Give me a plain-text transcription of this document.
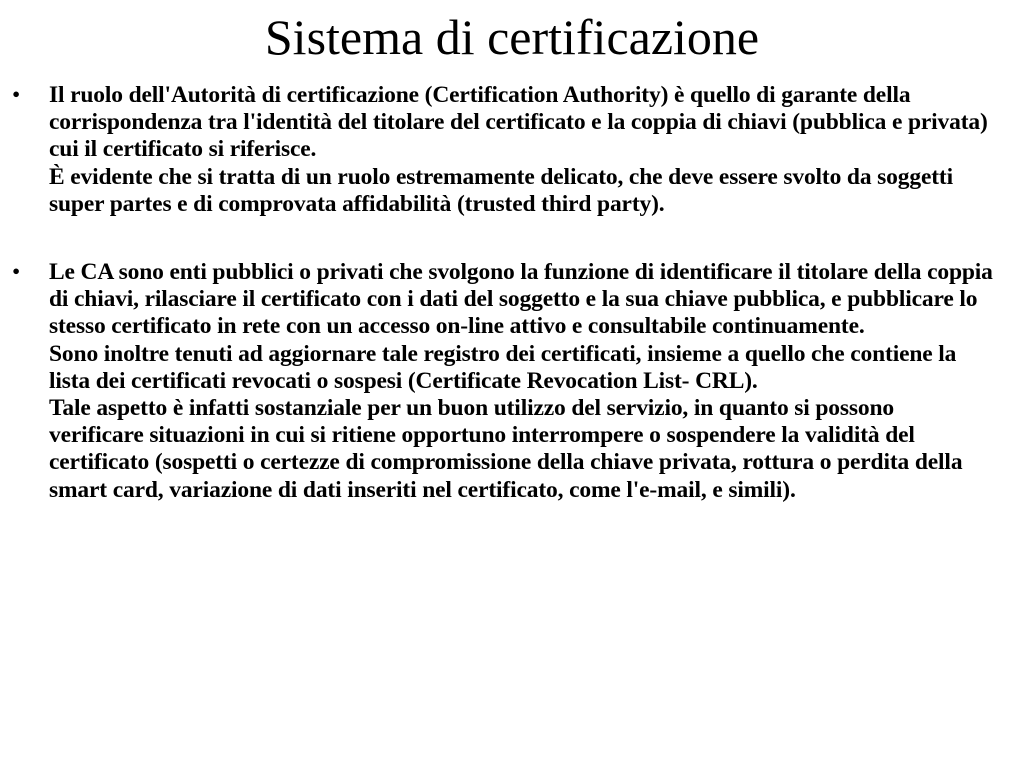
Sistema di certificazione
• Il ruolo dell'Autorità di certificazione (Certification Authority) è quello di garante della corrispondenza tra l'identità del titolare del certificato e la coppia di chiavi (pubblica e privata) cui il certificato si riferisce.
È evidente che si tratta di un ruolo estremamente delicato, che deve essere svolto da soggetti super partes e di comprovata affidabilità (trusted third party).
• Le CA sono enti pubblici o privati che svolgono la funzione di identificare il titolare della coppia di chiavi, rilasciare il certificato con i dati del soggetto e la sua chiave pubblica, e pubblicare lo stesso certificato in rete con un accesso on-line attivo e consultabile continuamente.
Sono inoltre tenuti ad aggiornare tale registro dei certificati, insieme a quello che contiene la lista dei certificati revocati o sospesi (Certificate Revocation List- CRL).
Tale aspetto è infatti sostanziale per un buon utilizzo del servizio, in quanto si possono verificare situazioni in cui si ritiene opportuno interrompere o sospendere la validità del certificato (sospetti o certezze di compromissione della chiave privata, rottura o perdita della smart card, variazione di dati inseriti nel certificato, come l'e-mail, e simili).
